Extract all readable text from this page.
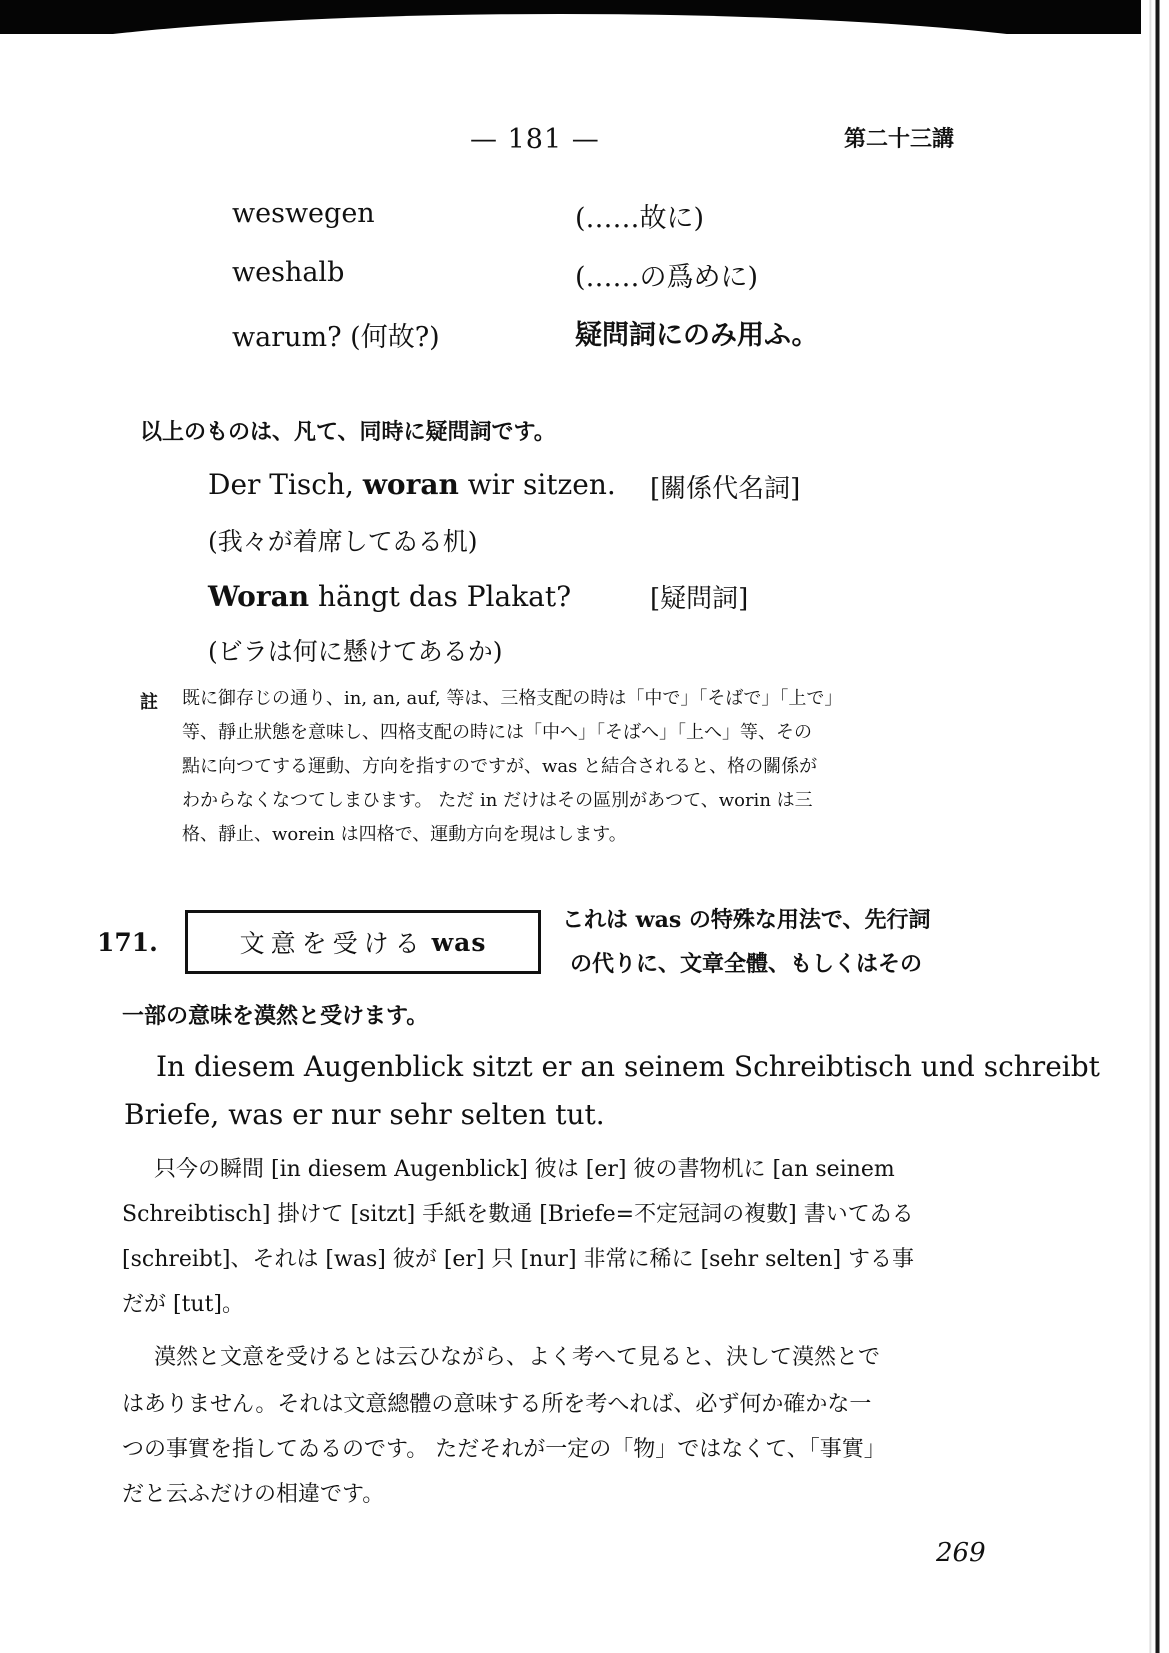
— 181 —	第二十三講
weswegen	(……故に)
weshalb	(……の爲めに)
warum? (何故?)	疑問詞にのみ用ふ。
以上のものは、凡て、同時に疑問詞です。
Der Tisch, woran wir sitzen. [關係代名詞]
(我々が着席してゐる机)
Woran hängt das Plakat?	[疑問詞]
(ビラは何に懸けてあるか)
註 既に御存じの通り、in, an, auf, 等は、三格支配の時は「中で」「そばで」「上で」
等、靜止狀態を意味し、四格支配の時には「中へ」「そばへ」「上へ」等、その
點に向つてする運動、方向を指すのですが、was と結合されると、格の關係が
わからなくなつてしまひます。 ただ in だけはその區別があつて、worin は三
格、靜止、worein は四格で、運動方向を現はします。
171.	文意を受ける was
これは was の特殊な用法で、先行詞
の代りに、文章全體、もしくはその
一部の意味を漠然と受けます。
In diesem Augenblick sitzt er an seinem Schreibtisch und schreibt
Briefe, was er nur sehr selten tut.
只今の瞬間 [in diesem Augenblick] 彼は [er] 彼の書物机に [an seinem
Schreibtisch] 掛けて [sitzt] 手紙を數通 [Briefe=不定冠詞の複數] 書いてゐる
[schreibt]、それは [was] 彼が [er] 只 [nur] 非常に稀に [sehr selten] する事
だが [tut]。
漠然と文意を受けるとは云ひながら、よく考へて見ると、決して漠然とで
はありません。それは文意總體の意味する所を考へれば、必ず何か確かな一
つの事實を指してゐるのです。 ただそれが一定の「物」ではなくて、「事實」
だと云ふだけの相違です。
269
